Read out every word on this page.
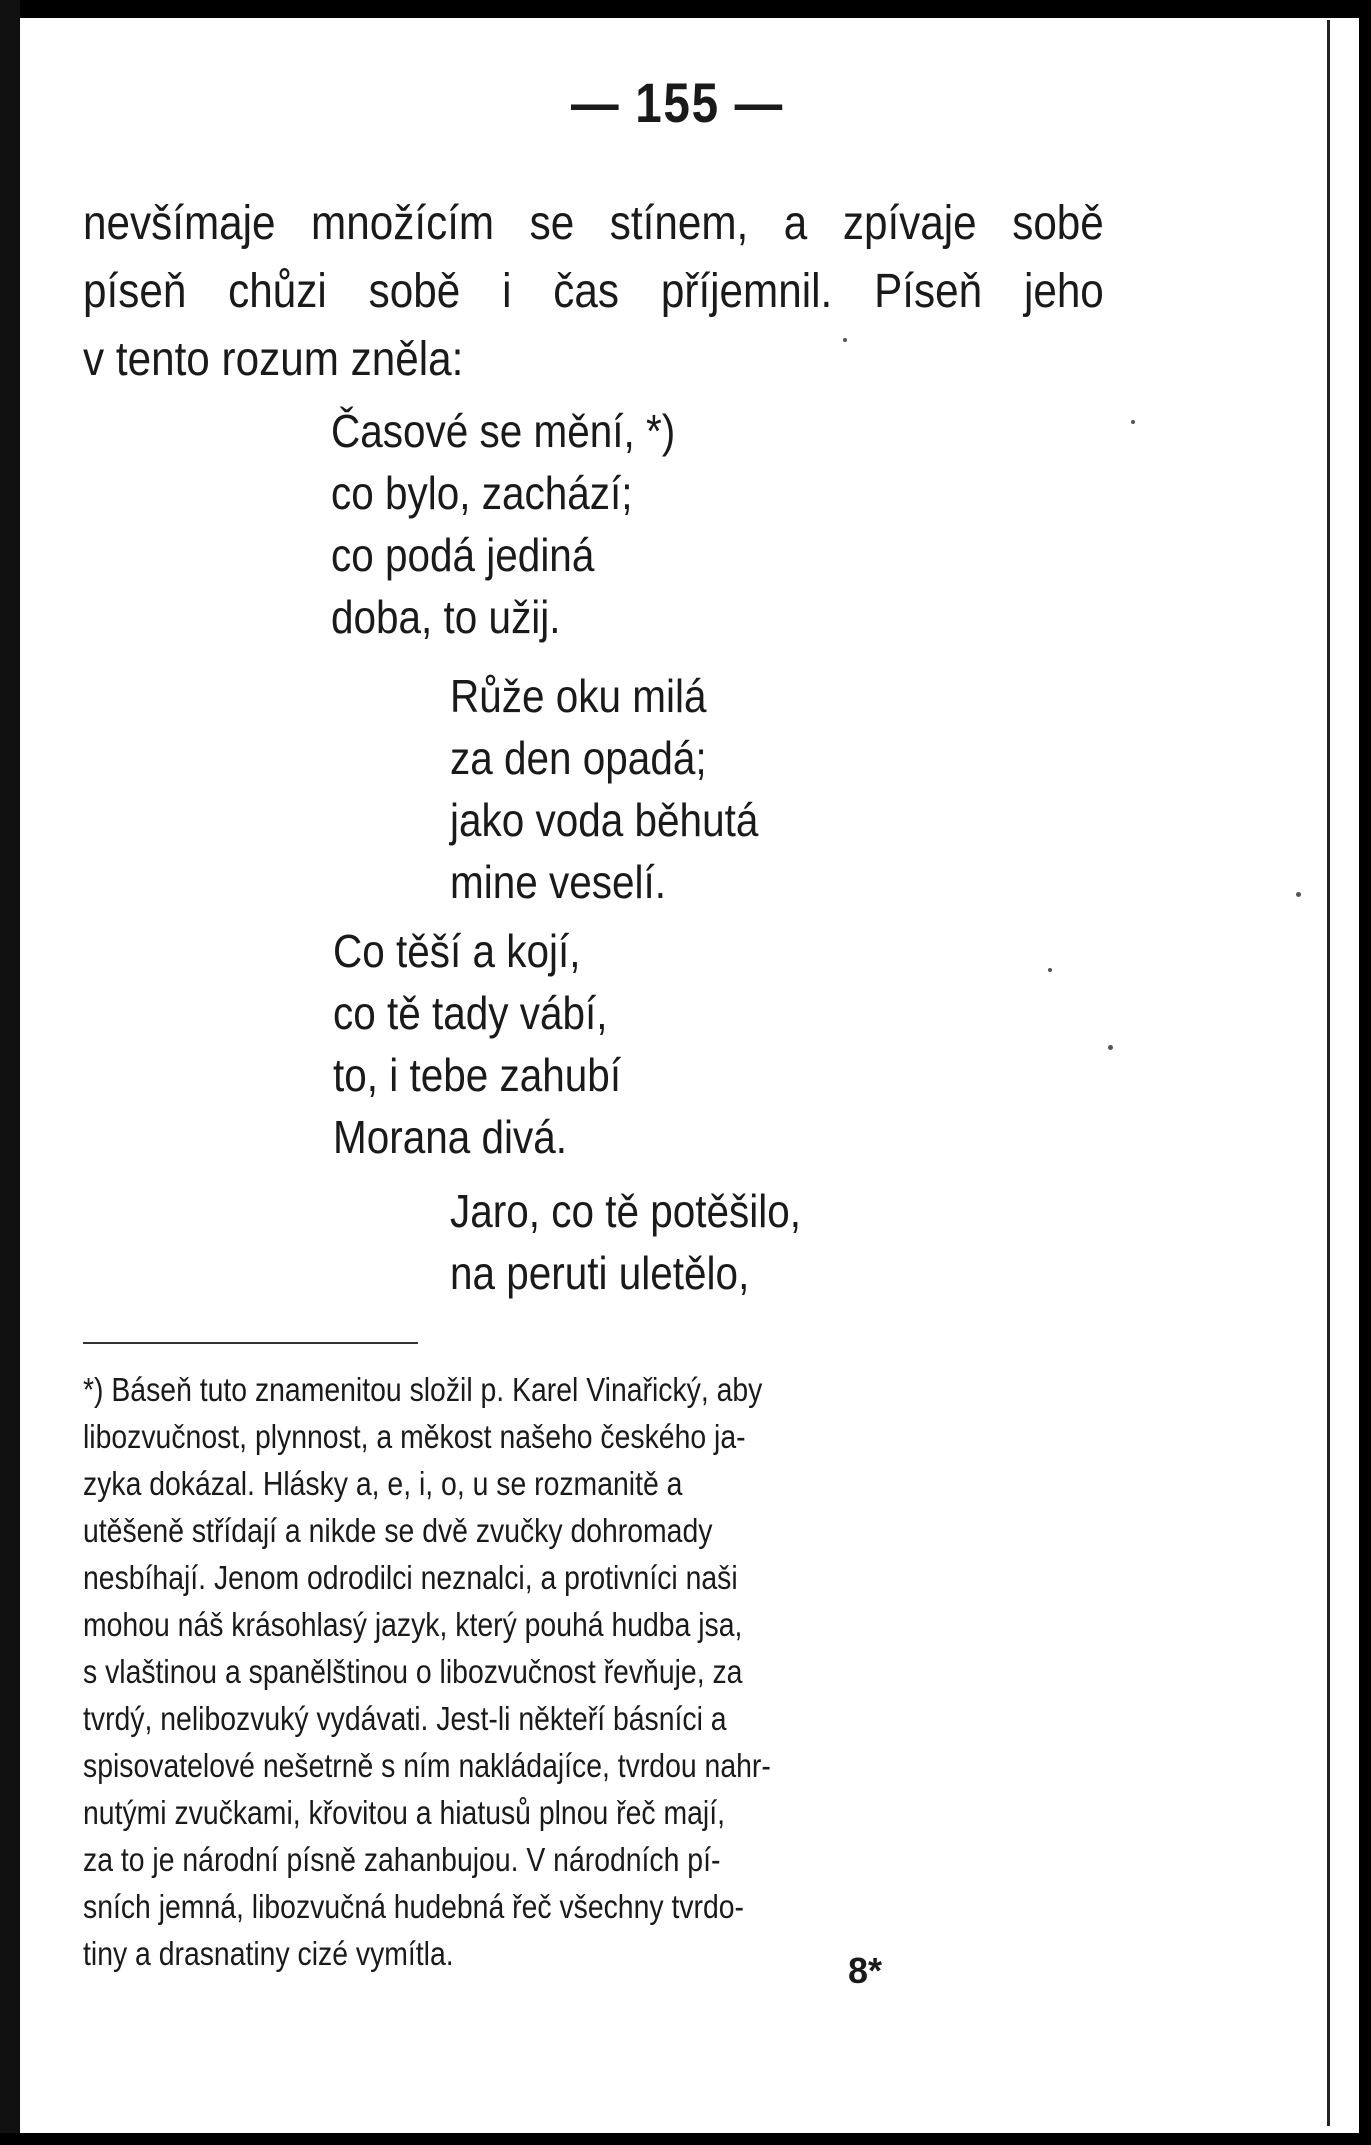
— 155 —
nevšímaje množícím se stínem, a zpívaje sobě
píseň chůzi sobě i čas příjemnil. Píseň jeho
v tento rozum zněla:
Časové se mění, *)
co bylo, zachází;
co podá jediná
doba, to užij.
Růže oku milá
za den opadá;
jako voda běhutá
mine veselí.
Co těší a kojí,
co tě tady vábí,
to, i tebe zahubí
Morana divá.
Jaro, co tě potěšilo,
na peruti uletělo,
*) Báseň tuto znamenitou složil p. Karel Vinařický, aby
libozvučnost, plynnost, a měkost našeho českého ja-
zyka dokázal. Hlásky a, e, i, o, u se rozmanitě a
utěšeně střídají a nikde se dvě zvučky dohromady
nesbíhají. Jenom odrodilci neznalci, a protivníci naši
mohou náš krásohlasý jazyk, který pouhá hudba jsa,
s vlaštinou a spanělštinou o libozvučnost řevňuje, za
tvrdý, nelibozvuký vydávati. Jest-li někteří básníci a
spisovatelové nešetrně s ním nakládajíce, tvrdou nahr-
nutými zvučkami, křovitou a hiatusů plnou řeč mají,
za to je národní písně zahanbujou. V národních pí-
sních jemná, libozvučná hudebná řeč všechny tvrdo-
tiny a drasnatiny cizé vymítla.	8*
